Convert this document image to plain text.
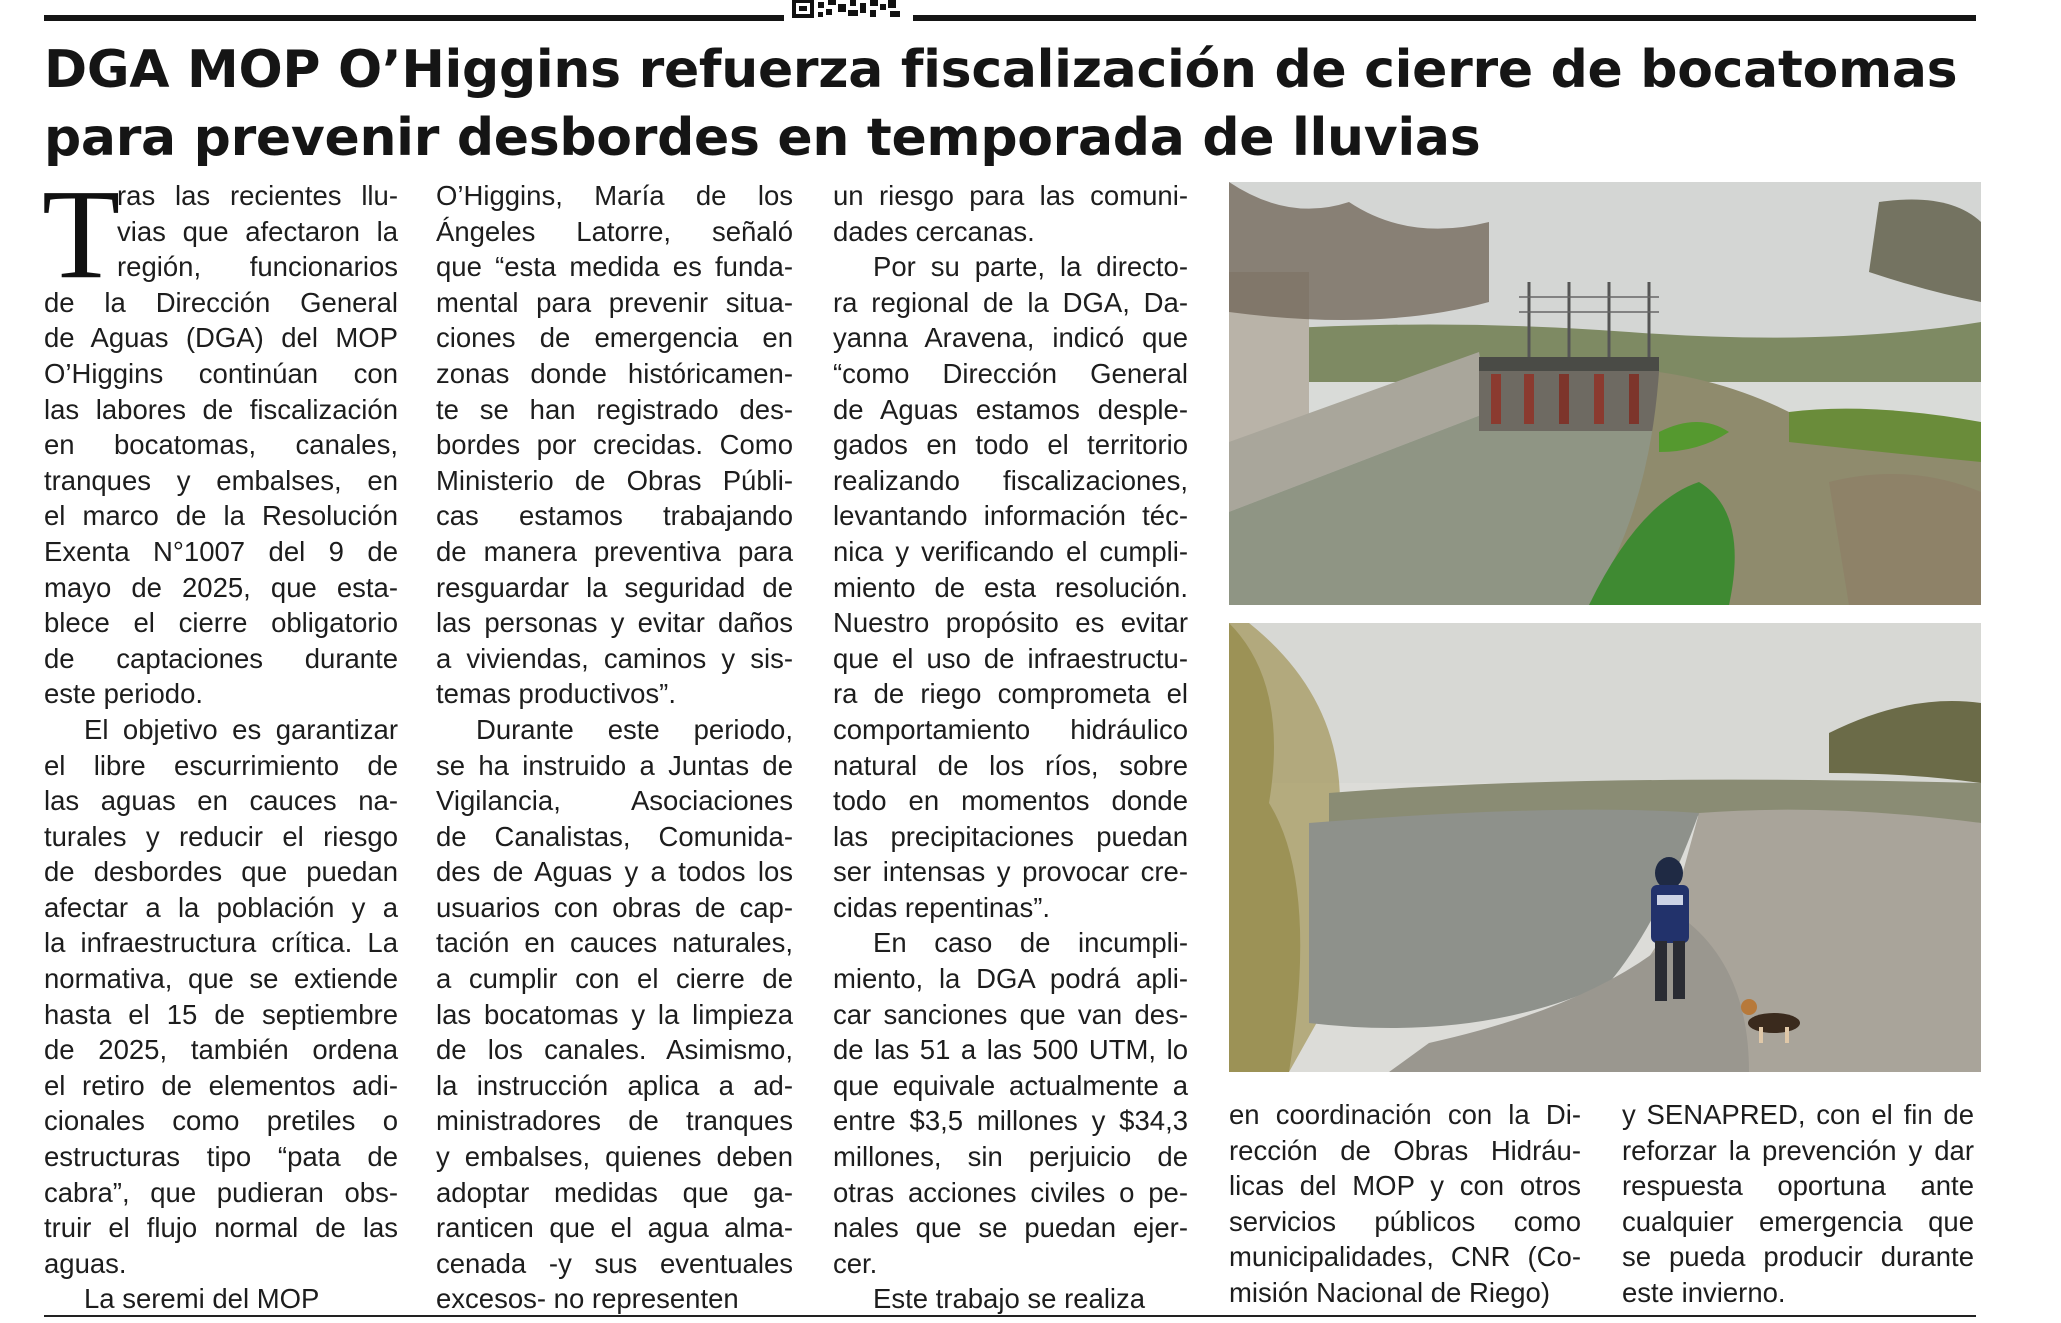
DGA MOP O’Higgins refuerza fiscalización de cierre de bocatomas
para prevenir desbordes en temporada de lluvias
T
ras las recientes llu-
vias que afectaron la
región, funcionarios
de la Dirección General
de Aguas (DGA) del MOP
O’Higgins continúan con
las labores de fiscalización
en bocatomas, canales,
tranques y embalses, en
el marco de la Resolución
Exenta N°1007 del 9 de
mayo de 2025, que esta-
blece el cierre obligatorio
de captaciones durante
este periodo.
El objetivo es garantizar
el libre escurrimiento de
las aguas en cauces na-
turales y reducir el riesgo
de desbordes que puedan
afectar a la población y a
la infraestructura crítica. La
normativa, que se extiende
hasta el 15 de septiembre
de 2025, también ordena
el retiro de elementos adi-
cionales como pretiles o
estructuras tipo “pata de
cabra”, que pudieran obs-
truir el flujo normal de las
aguas.
La seremi del MOP
O’Higgins, María de los
Ángeles Latorre, señaló
que “esta medida es funda-
mental para prevenir situa-
ciones de emergencia en
zonas donde históricamen-
te se han registrado des-
bordes por crecidas. Como
Ministerio de Obras Públi-
cas estamos trabajando
de manera preventiva para
resguardar la seguridad de
las personas y evitar daños
a viviendas, caminos y sis-
temas productivos”.
Durante este periodo,
se ha instruido a Juntas de
Vigilancia, Asociaciones
de Canalistas, Comunida-
des de Aguas y a todos los
usuarios con obras de cap-
tación en cauces naturales,
a cumplir con el cierre de
las bocatomas y la limpieza
de los canales. Asimismo,
la instrucción aplica a ad-
ministradores de tranques
y embalses, quienes deben
adoptar medidas que ga-
ranticen que el agua alma-
cenada -y sus eventuales
excesos- no representen
un riesgo para las comuni-
dades cercanas.
Por su parte, la directo-
ra regional de la DGA, Da-
yanna Aravena, indicó que
“como Dirección General
de Aguas estamos desple-
gados en todo el territorio
realizando fiscalizaciones,
levantando información téc-
nica y verificando el cumpli-
miento de esta resolución.
Nuestro propósito es evitar
que el uso de infraestructu-
ra de riego comprometa el
comportamiento hidráulico
natural de los ríos, sobre
todo en momentos donde
las precipitaciones puedan
ser intensas y provocar cre-
cidas repentinas”.
En caso de incumpli-
miento, la DGA podrá apli-
car sanciones que van des-
de las 51 a las 500 UTM, lo
que equivale actualmente a
entre $3,5 millones y $34,3
millones, sin perjuicio de
otras acciones civiles o pe-
nales que se puedan ejer-
cer.
Este trabajo se realiza
en coordinación con la Di-
rección de Obras Hidráu-
licas del MOP y con otros
servicios públicos como
municipalidades, CNR (Co-
misión Nacional de Riego)
y SENAPRED, con el fin de
reforzar la prevención y dar
respuesta oportuna ante
cualquier emergencia que
se pueda producir durante
este invierno.
